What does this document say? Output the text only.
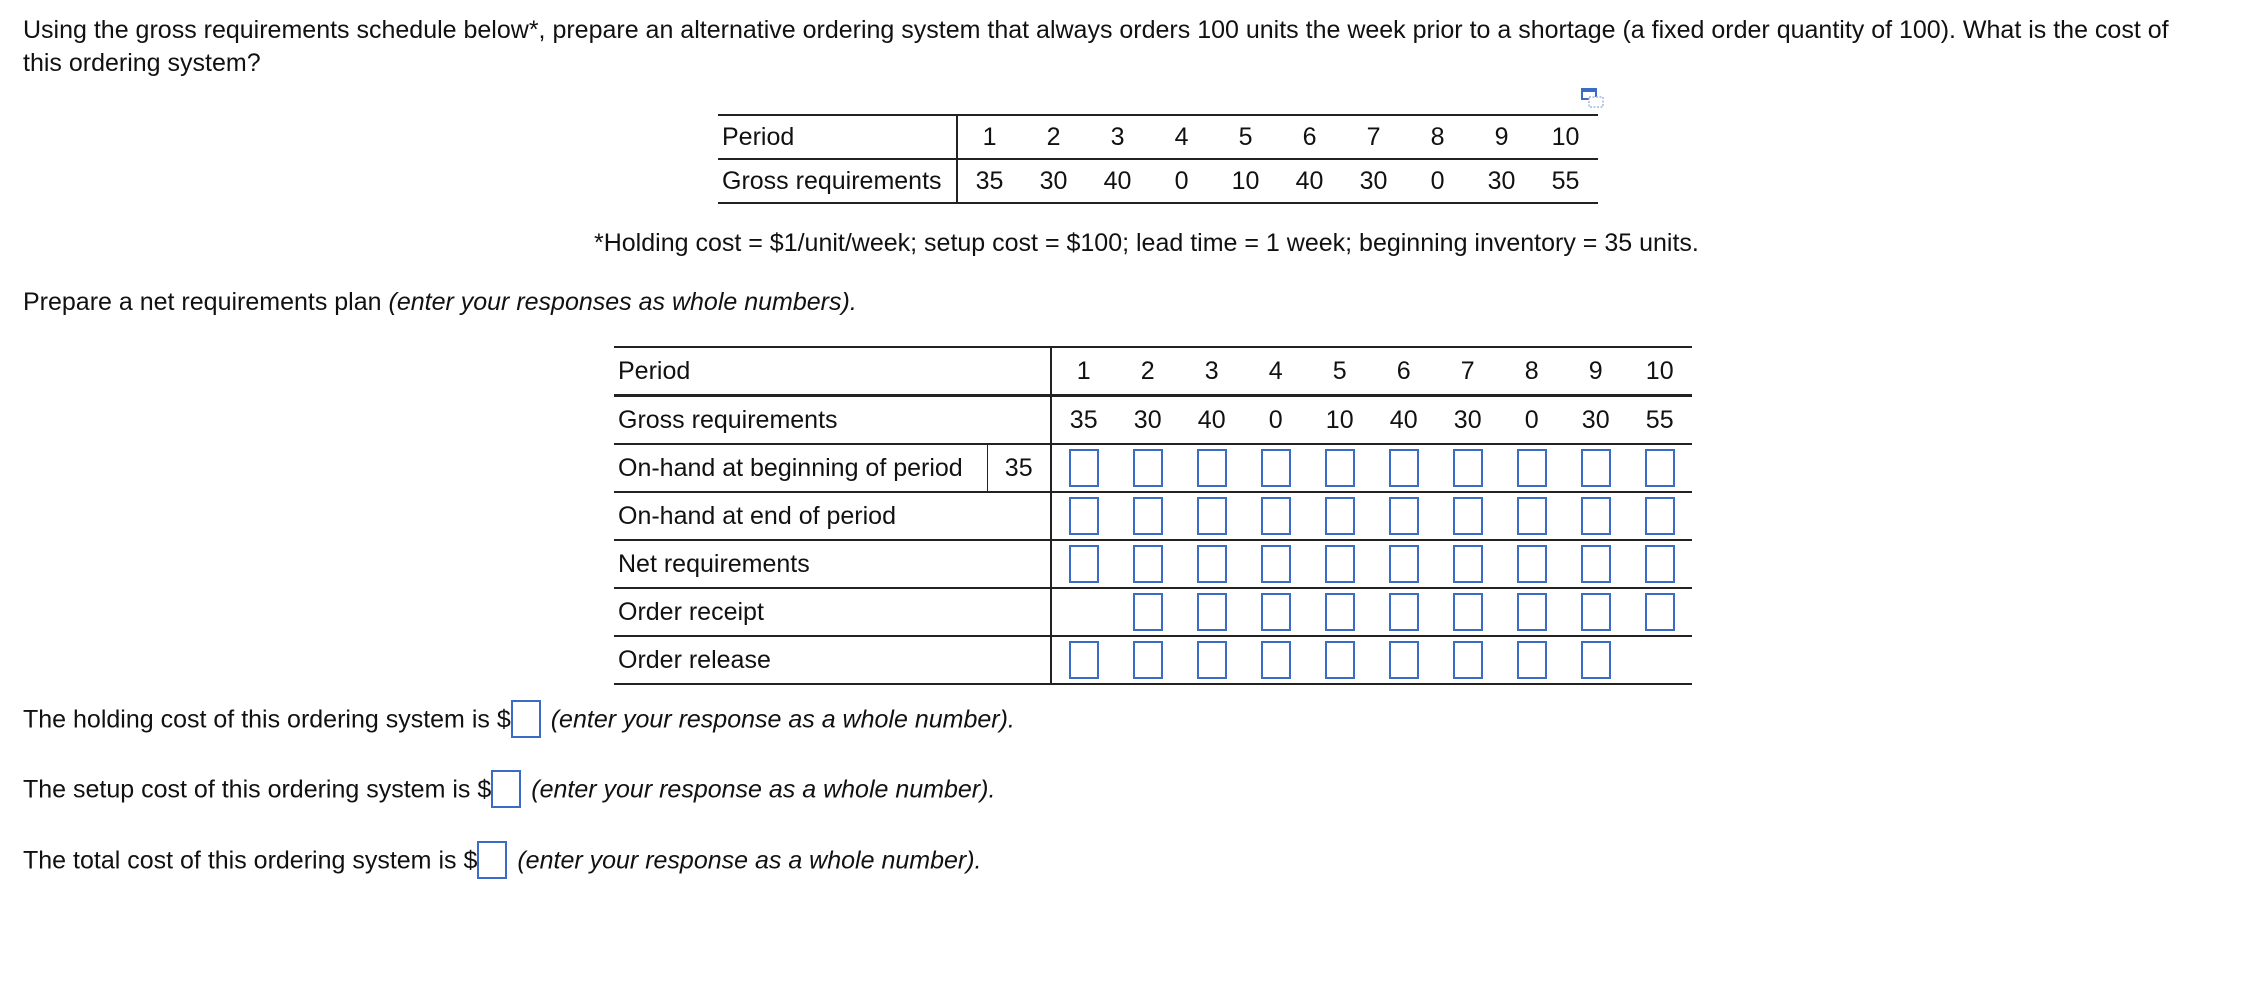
Using the gross requirements schedule below*, prepare an alternative ordering system that always orders 100 units the week prior to a shortage (a fixed order quantity of 100). What is the cost of
this ordering system?
Period	1	2	3	4	5	6	7	8	9	10
Gross requirements	35	30	40	0	10	40	30	0	30	55
*Holding cost = $1/unit/week; setup cost = $100; lead time = 1 week; beginning inventory = 35 units.
Prepare a net requirements plan (enter your responses as whole numbers).
Period		1	2	3	4	5	6	7	8	9	10
Gross requirements		35	30	40	0	10	40	30	0	30	55
On-hand at beginning of period	35											
On-hand at end of period											
Net requirements											
Order receipt											
Order release											
The holding cost of this ordering system is $ (enter your response as a whole number).
The setup cost of this ordering system is $ (enter your response as a whole number).
The total cost of this ordering system is $ (enter your response as a whole number).
